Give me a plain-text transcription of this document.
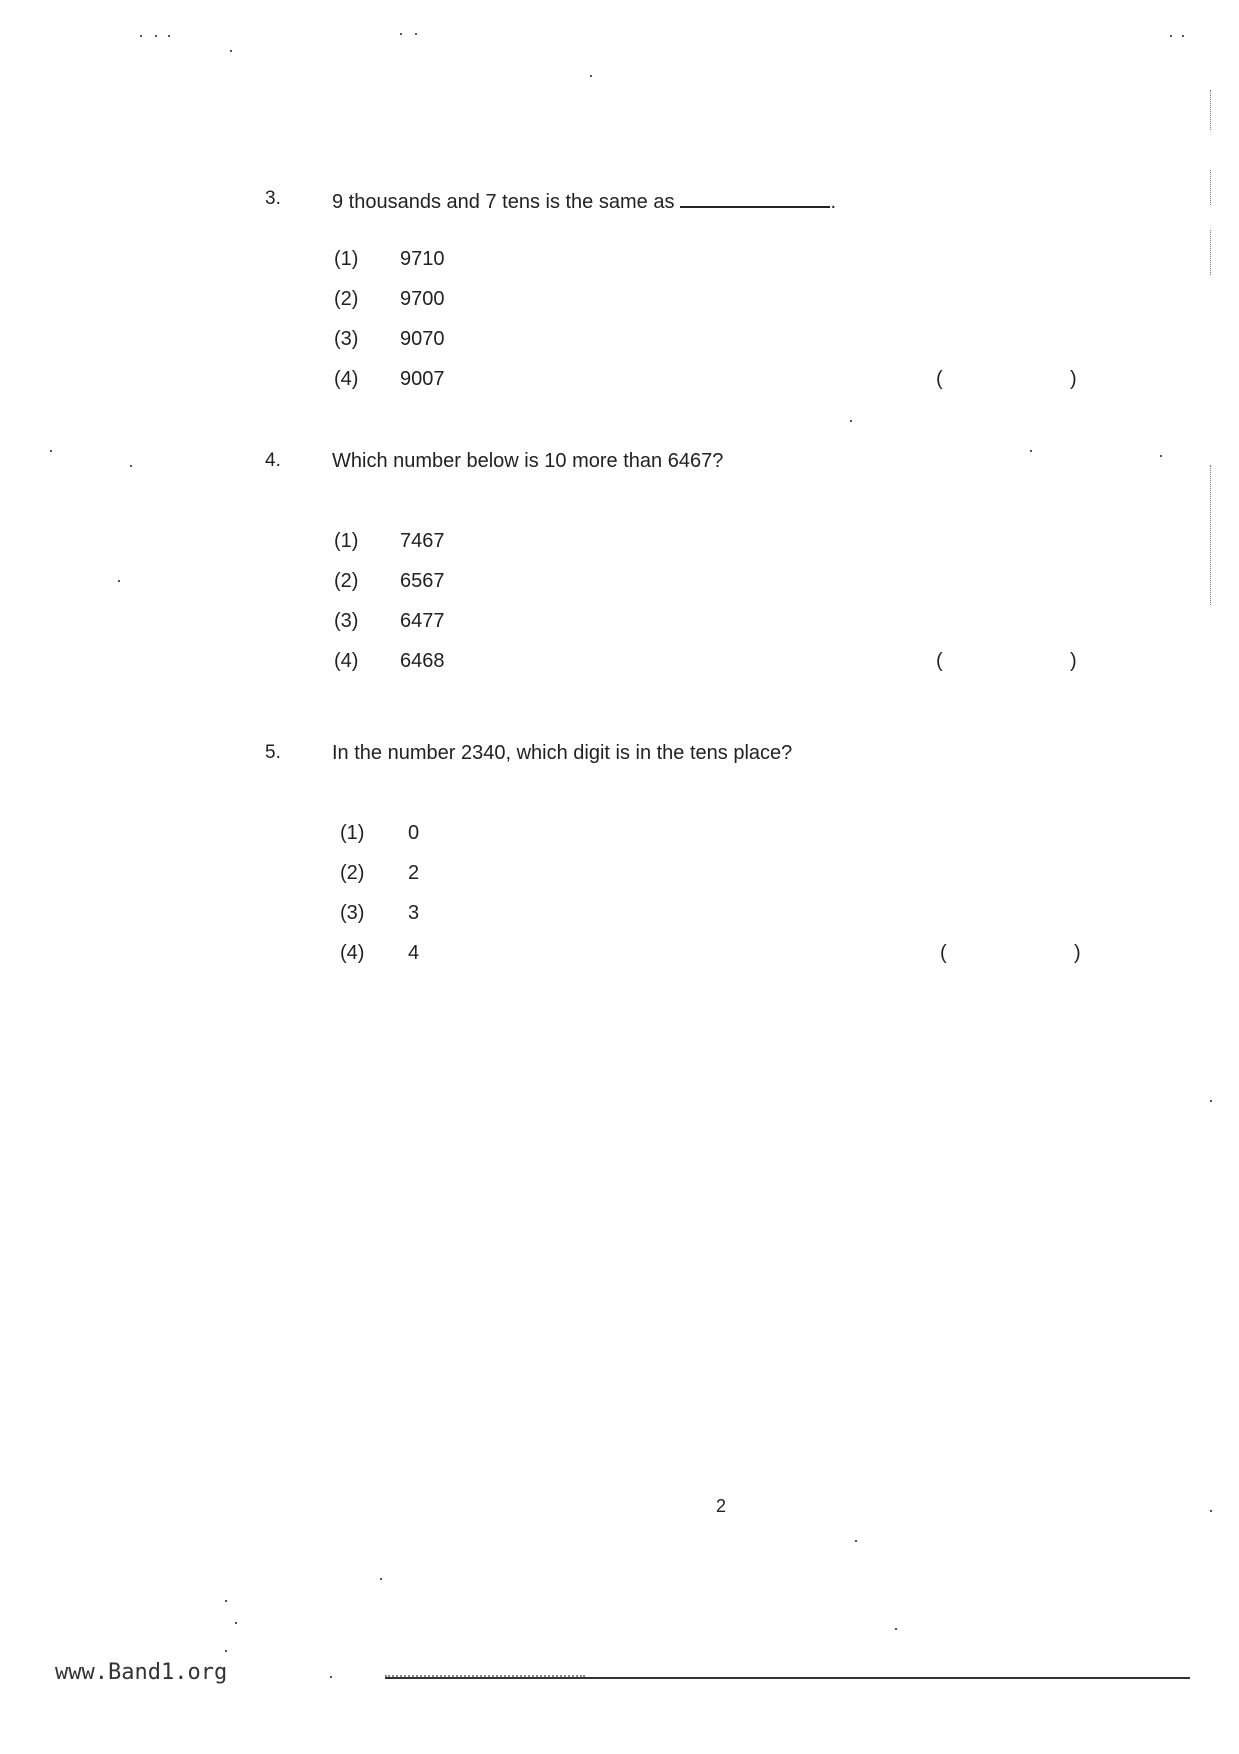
3.	9 thousands and 7 tens is the same as	.
(1) 9710
(2) 9700
(3) 9070
(4) 9007	(	)
4.	Which number below is 10 more than 6467?
(1) 7467
(2) 6567
(3) 6477
(4) 6468	(	)
5.	In the number 2340, which digit is in the tens place?
(1) 0
(2) 2
(3) 3
(4) 4	(	)
2
www.Band1.org
